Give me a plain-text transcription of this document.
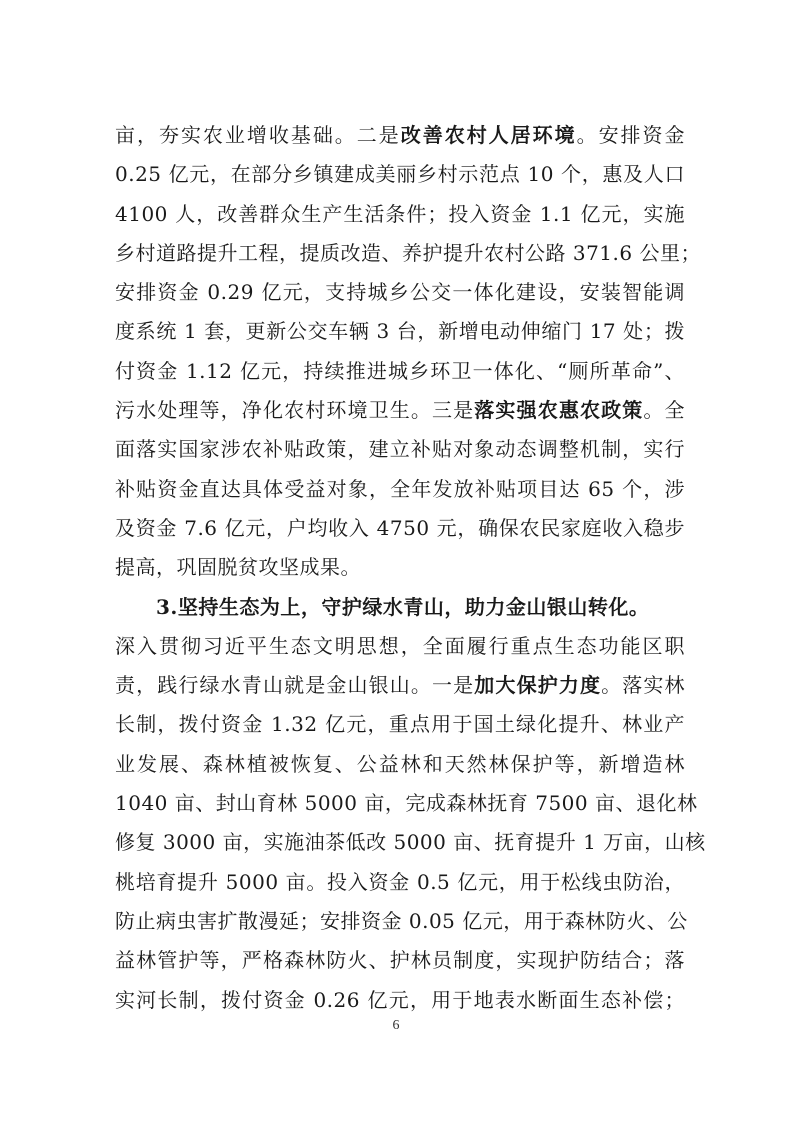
亩，夯实农业增收基础。二是改善农村人居环境。安排资金
0.25 亿元，在部分乡镇建成美丽乡村示范点 10 个，惠及人口
4100 人，改善群众生产生活条件；投入资金 1.1 亿元，实施
乡村道路提升工程，提质改造、养护提升农村公路 371.6 公里；
安排资金 0.29 亿元，支持城乡公交一体化建设，安装智能调
度系统 1 套，更新公交车辆 3 台，新增电动伸缩门 17 处；拨
付资金 1.12 亿元，持续推进城乡环卫一体化、“厕所革命”、
污水处理等，净化农村环境卫生。三是落实强农惠农政策。全
面落实国家涉农补贴政策，建立补贴对象动态调整机制，实行
补贴资金直达具体受益对象，全年发放补贴项目达 65 个，涉
及资金 7.6 亿元，户均收入 4750 元，确保农民家庭收入稳步
提高，巩固脱贫攻坚成果。
　　3.坚持生态为上，守护绿水青山，助力金山银山转化。
深入贯彻习近平生态文明思想，全面履行重点生态功能区职
责，践行绿水青山就是金山银山。一是加大保护力度。落实林
长制，拨付资金 1.32 亿元，重点用于国土绿化提升、林业产
业发展、森林植被恢复、公益林和天然林保护等，新增造林
1040 亩、封山育林 5000 亩，完成森林抚育 7500 亩、退化林
修复 3000 亩，实施油茶低改 5000 亩、抚育提升 1 万亩，山核
桃培育提升 5000 亩。投入资金 0.5 亿元，用于松线虫防治，
防止病虫害扩散漫延；安排资金 0.05 亿元，用于森林防火、公
益林管护等，严格森林防火、护林员制度，实现护防结合；落
实河长制，拨付资金 0.26 亿元，用于地表水断面生态补偿；
6
